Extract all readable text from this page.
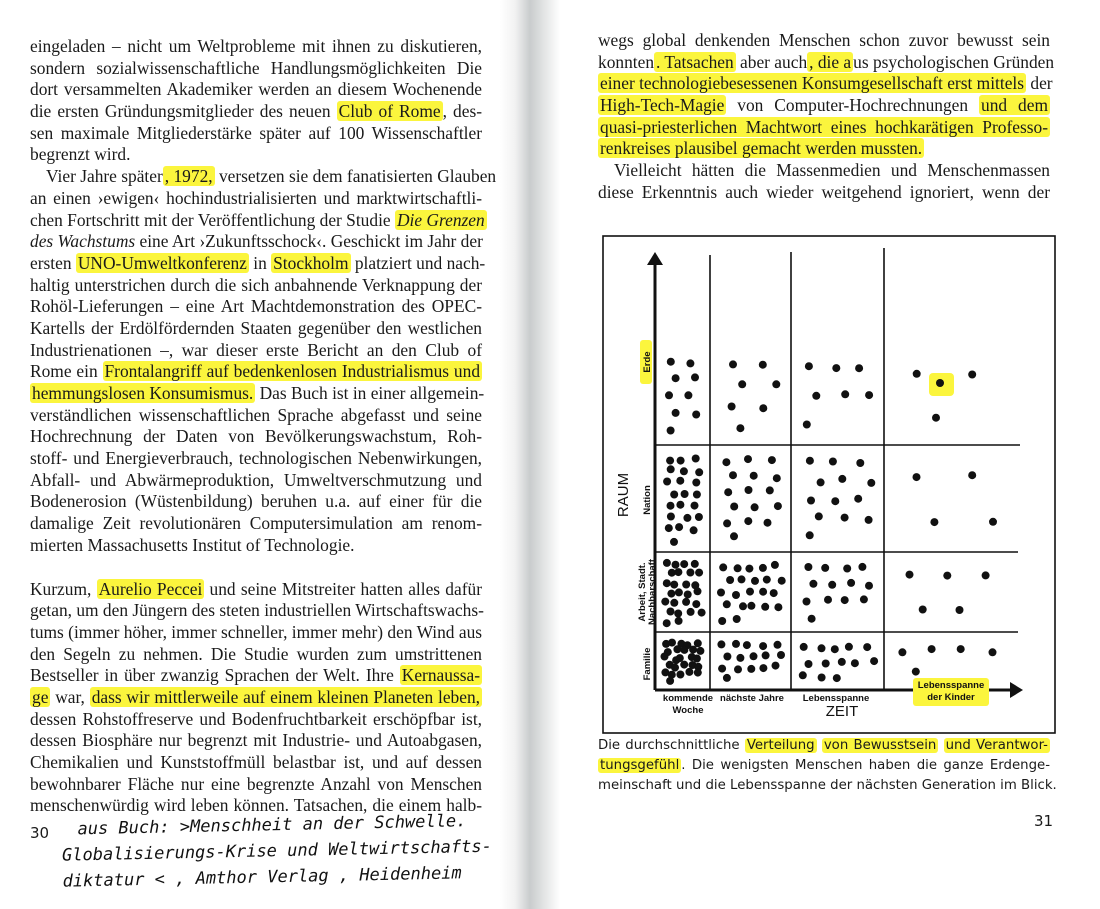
eingeladen – nicht um Weltprobleme mit ihnen zu diskutieren,
sondern sozialwissenschaftliche Handlungsmöglichkeiten Die
dort versammelten Akademiker werden an diesem Wochenende
die ersten Gründungsmitglieder des neuen Club of Rome , des-
sen maximale Mitgliederstärke später auf 100 Wissenschaftler
begrenzt wird.
Vier Jahre später , 1972, versetzen sie dem fanatisierten Glauben
an einen ›ewigen‹ hochindustrialisierten und marktwirtschaftli-
chen Fortschritt mit der Veröffentlichung der Studie Die Grenzen
des Wachstums eine Art ›Zukunftsschock‹. Geschickt im Jahr der
ersten UNO-Umweltkonferenz in Stockholm platziert und nach-
haltig unterstrichen durch die sich anbahnende Verknappung der
Rohöl-Lieferungen – eine Art Machtdemonstration des OPEC-
Kartells der Erdölfördernden Staaten gegenüber den westlichen
Industrienationen –, war dieser erste Bericht an den Club of
Rome ein Frontalangriff auf bedenkenlosen Industrialismus und
hemmungslosen Konsumismus. Das Buch ist in einer allgemein-
verständlichen wissenschaftlichen Sprache abgefasst und seine
Hochrechnung der Daten von Bevölkerungswachstum, Roh-
stoff- und Energieverbrauch, technologischen Nebenwirkungen,
Abfall- und Abwärmeproduktion, Umweltverschmutzung und
Bodenerosion (Wüstenbildung) beruhen u.a. auf einer für die
damalige Zeit revolutionären Computersimulation am renom-
mierten Massachusetts Institut of Technologie.
Kurzum, Aurelio Peccei und seine Mitstreiter hatten alles dafür
getan, um den Jüngern des steten industriellen Wirtschaftswachs-
tums (immer höher, immer schneller, immer mehr) den Wind aus
den Segeln zu nehmen. Die Studie wurden zum umstrittenen
Bestseller in über zwanzig Sprachen der Welt. Ihre Kernaussa-
ge war, dass wir mittlerweile auf einem kleinen Planeten leben,
dessen Rohstoffreserve und Bodenfruchtbarkeit erschöpfbar ist,
dessen Biosphäre nur begrenzt mit Industrie- und Autoabgasen,
Chemikalien und Kunststoffmüll belastbar ist, und auf dessen
bewohnbarer Fläche nur eine begrenzte Anzahl von Menschen
menschenwürdig wird leben können. Tatsachen, die einem halb-
30 aus Buch: >Menschheit an der Schwelle.
Globalisierungs-Krise und Weltwirtschafts-
diktatur < , Amthor Verlag , Heidenheim
wegs global denkenden Menschen schon zuvor bewusst sein
konnten . Tatsachen aber auch , die a us psychologischen Gründen
einer technologiebesessenen Konsumgesellschaft erst mittels der
High-Tech-Magie von Computer-Hochrechnungen und dem
quasi-priesterlichen Machtwort eines hochkarätigen Professo-
renkreises plausibel gemacht werden mussten.
Vielleicht hätten die Massenmedien und Menschenmassen
diese Erkenntnis auch wieder weitgehend ignoriert, wenn der
RAUM
ZEIT
Familie
Arbeit, Stadt. Nachbarschaft
Nation
Erde
kommende
Woche
nächste Jahre Lebensspanne
Lebensspanne
der Kinder
Die durchschnittliche Verteilung von Bewusstsein und Verantwor-
tungsgefühl . Die wenigsten Menschen haben die ganze Erdenge-
meinschaft und die Lebensspanne der nächsten Generation im Blick.
31
